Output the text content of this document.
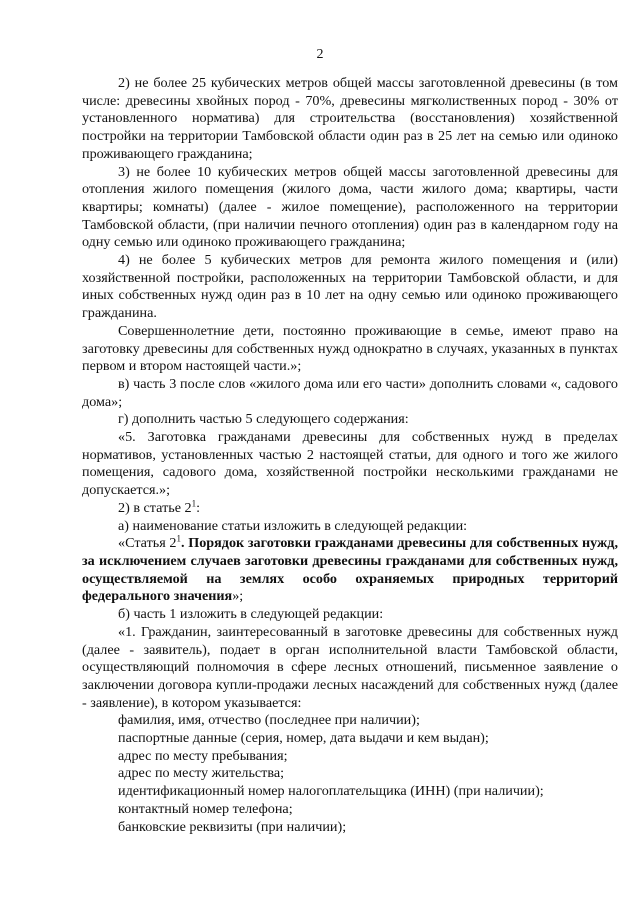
2

2) не более 25 кубических метров общей массы заготовленной древесины (в том числе: древесины хвойных пород - 70%, древесины мягколиственных пород - 30% от установленного норматива) для строительства (восстановления) хозяйственной постройки на территории Тамбовской области один раз в 25 лет на семью или одиноко проживающего гражданина;

3) не более 10 кубических метров общей массы заготовленной древесины для отопления жилого помещения (жилого дома, части жилого дома; квартиры, части квартиры; комнаты) (далее - жилое помещение), расположенного на территории Тамбовской области, (при наличии печного отопления) один раз в календарном году на одну семью или одиноко проживающего гражданина;

4) не более 5 кубических метров для ремонта жилого помещения и (или) хозяйственной постройки, расположенных на территории Тамбовской области, и для иных собственных нужд один раз в 10 лет на одну семью или одиноко проживающего гражданина.

Совершеннолетние дети, постоянно проживающие в семье, имеют право на заготовку древесины для собственных нужд однократно в случаях, указанных в пунктах первом и втором настоящей части.»;

в) часть 3 после слов «жилого дома или его части» дополнить словами «, садового дома»;

г) дополнить частью 5 следующего содержания:

«5. Заготовка гражданами древесины для собственных нужд в пределах нормативов, установленных частью 2 настоящей статьи, для одного и того же жилого помещения, садового дома, хозяйственной постройки несколькими гражданами не допускается.»;

2) в статье $2^1$:

а) наименование статьи изложить в следующей редакции:

«Статья $2^1$. Порядок заготовки гражданами древесины для собственных нужд, за исключением случаев заготовки древесины гражданами для собственных нужд, осуществляемой на землях особо охраняемых природных территорий федерального значения»;

б) часть 1 изложить в следующей редакции:

«1. Гражданин, заинтересованный в заготовке древесины для собственных нужд (далее - заявитель), подает в орган исполнительной власти Тамбовской области, осуществляющий полномочия в сфере лесных отношений, письменное заявление о заключении договора купли-продажи лесных насаждений для собственных нужд (далее - заявление), в котором указывается:

фамилия, имя, отчество (последнее при наличии);

паспортные данные (серия, номер, дата выдачи и кем выдан);

адрес по месту пребывания;

адрес по месту жительства;

идентификационный номер налогоплательщика (ИНН) (при наличии);

контактный номер телефона;

банковские реквизиты (при наличии);
